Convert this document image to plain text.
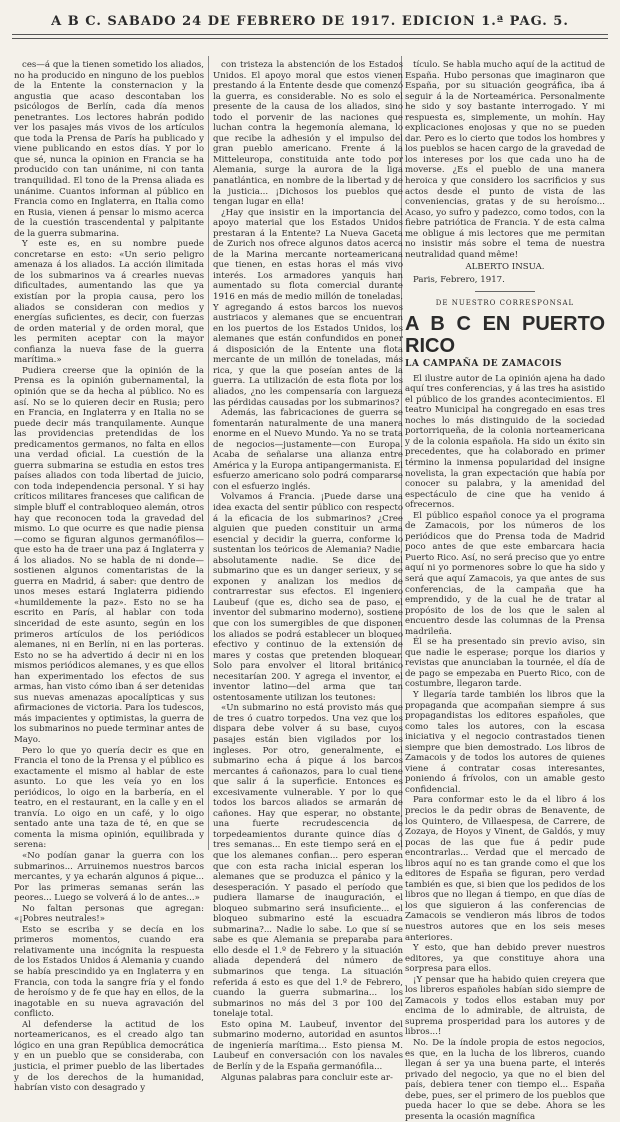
A B C. SABADO 24 DE FEBRERO DE 1917. EDICION 1.ª PAG. 5.

ces—á que la tienen sometido los aliados, no ha producido en ninguno de los pueblos de la Entente la consternacion y la angustia que acaso descontaban los psicólogos de Berlín, cada día menos penetrantes. Los lectores habrán podido ver los pasajes más vivos de los artículos que toda la Prensa de París ha publicado y viene publicando en estos días. Y por lo que sé, nunca la opinion en Francia se ha producido con tan unánime, ni con tanta tranquilidad. El tono de la Prensa aliada es unánime. Cuantos informan al público en Francia como en Inglaterra, en Italia como en Rusia, vienen á pensar lo mismo acerca de la cuestión trascendental y palpitante de la guerra submarina.

Y este es, en su nombre puede concretarse en esto: «Un serio peligro amenaza á los aliados. La acción ilimitada de los submarinos va á crearles nuevas dificultades, aumentando las que ya existían por la propia causa, pero los aliados se consideran con medios y energías suficientes, es decir, con fuerzas de orden material y de orden moral, que les permiten aceptar con la mayor confianza la nueva fase de la guerra marítima.»

Pudiera creerse que la opinión de la Prensa es la opinión gubernamental, la opinión que se da hecha al público. No es así. No se lo quieren decir en Rusia; pero en Francia, en Inglaterra y en Italia no se puede decir más tranquilamente. Aunque las providencias pretendidas de los predicamentos germanos, no falta en ellos una verdad oficial. La cuestión de la guerra submarina se estudia en estos tres países aliados con toda libertad de juicio, con toda independencia personal. Y si hay críticos militares franceses que califican de simple bluff el contrabloqueo alemán, otros hay que reconocen toda la gravedad del mismo. Lo que ocurre es que nadie piensa—como se figuran algunos germanófilos—que esto ha de traer una paz á Inglaterra y á los aliados. No se habla de ni donde—sostienen algunos comentaristas de la guerra en Madrid, á saber: que dentro de unos meses estará Inglaterra pidiendo «humildemente la paz». Esto no se ha escrito en París, al hablar con toda sinceridad de este asunto, según en los primeros artículos de los periódicos alemanes, ni en Berlín, ni en las porteras. Esto no se ha advertido á decir ni en los mismos periódicos alemanes, y es que ellos han experimentado los efectos de sus armas, han visto cómo iban á ser detenidas sus nuevas amenazas apocalípticas y sus afirmaciones de victoria. Para los tudescos, más impacientes y optimistas, la guerra de los submarinos no puede terminar antes de Mayo.

Pero lo que yo quería decir es que en Francia el tono de la Prensa y el público es exactamente el mismo al hablar de este asunto. Lo que les veía yo en los periódicos, lo oigo en la barbería, en el teatro, en el restaurant, en la calle y en el tranvía. Lo oigo en un café, y lo oigo sentado ante una taza de té, en que se comenta la misma opinión, equilibrada y serena:

«No podían ganar la guerra con los submarinos... Arruinemos nuestros barcos mercantes, y ya echarán algunos á pique... Por las primeras semanas serán las peores... Luego se volverá á lo de antes...»

No faltan personas que agregan: «¡Pobres neutrales!»

Esto se escriba y se decía en los primeros momentos, cuando era relativamente una incógnita la respuesta de los Estados Unidos á Alemania y cuando se había prescindido ya en Inglaterra y en Francia, con toda la sangre fría y el fondo de heroísmo y de fe que hay en ellos, de la inagotable en su nueva agravación del conflicto.

Al defenderse la actitud de los norteamericanos, es el creado algo tan lógico en una gran República democrática y en un pueblo que se consideraba, con justicia, el primer pueblo de las libertades y de los derechos de la humanidad, habrían visto con desagrado y

con tristeza la abstención de los Estados Unidos. El apoyo moral que estos vienen prestando á la Entente desde que comenzó la guerra, es considerable. No es solo el presente de la causa de los aliados, sino todo el porvenir de las naciones que luchan contra la hegemonía alemana, lo que recibe la adhesión y el impulso del gran pueblo americano. Frente á la Mitteleuropa, constituida ante todo por Alemania, surge la aurora de la liga panatlántica, en nombre de la libertad y de la justicia... ¡Dichosos los pueblos que tengan lugar en ella!

¿Hay que insistir en la importancia del apoyo material que los Estados Unidos prestaran á la Entente? La Nueva Gaceta de Zurich nos ofrece algunos datos acerca de la Marina mercante norteamericana que tienen, en estas horas el más vivo interés. Los armadores yanquis han aumentado su flota comercial durante 1916 en más de medio millón de toneladas. Y agregando á estos barcos los nuevos austriacos y alemanes que se encuentran en los puertos de los Estados Unidos, los alemanes que están confundidos en poner á disposición de la Entente una flota mercante de un millón de toneladas, más rica, y que la que poseían antes de la guerra. La utilización de esta flota por los aliados, ¿no les compensaría con largueza las pérdidas causadas por los submarinos?

Además, las fabricaciones de guerra se fomentarán naturalmente de una manera enorme en el Nuevo Mundo. Ya no se trata de negocios—justamente—con Europa. Acaba de señalarse una alianza entre América y la Europa antipangermanista. El esfuerzo americano solo podrá compararse con el esfuerzo inglés.

Volvamos á Francia. ¡Puede darse una idea exacta del sentir público con respecto á la eficacia de los submarinos? ¿Cree alguien que pueden constituir un arma esencial y decidir la guerra, conforme lo sustentan los teóricos de Alemania? Nadie, absolutamente nadie. Se dice del submarino que es un danger serieux, y se exponen y analizan los medios de contrarrestar sus efectos. El ingeniero Laubeuf (que es, dicho sea de paso, el inventor del submarino moderno), sostiene que con los sumergibles de que disponen los aliados se podrá establecer un bloqueo efectivo y continuo de la extensión de mares y costas que pretenden bloquear. Solo para envolver el litoral británico necesitarían 200. Y agrega el inventor, el inventor latino—del arma que tan ostentosamente utilizan los teutones:

«Un submarino no está provisto más que de tres ó cuatro torpedos. Una vez que los dispara debe volver á su base, cuyos pasajes están bien vigilados por los ingleses. Por otro, generalmente, el submarino echa á pique á los barcos mercantes á cañonazos, para lo cual tiene que salir á la superficie. Entonces es excesivamente vulnerable. Y por lo que todos los barcos aliados se armarán de cañones. Hay que esperar, no obstante, una fuerte recrudescencia de torpedeamientos durante quince días ó tres semanas... En este tiempo será en el que los alemanes confian... pero esperan que con esta racha inicial esperan los alemanes que se produzca el pánico y la desesperación. Y pasado el período que pudiera llamarse de inauguración, el bloqueo submarino será insuficiente... el bloqueo submarino esté la escuadra submarina?... Nadie lo sabe. Lo que sí se sabe es que Alemania se preparaba para ello desde el 1.º de Febrero y la situación aliada dependerá del número de submarinos que tenga. La situación referida á esto es que del 1.º de Febrero, cuando la guerra submarina... los submarinos no más del 3 por 100 del tonelaje total.

Esto opina M. Laubeuf, inventor del submarino moderno, autoridad en asuntos de ingeniería marítima... Esto piensa M. Laubeuf en conversación con los navales de Berlín y de la España germanófila...

Algunas palabras para concluir este ar-

tículo. Se habla mucho aquí de la actitud de España. Hubo personas que imaginaron que España, por su situación geográfica, iba á seguir á la de Norteamérica. Personalmente he sido y soy bastante interrogado. Y mi respuesta es, simplemente, un mohín. Hay explicaciones enojosas y que no se pueden dar. Pero es lo cierto que todos los hombres y los pueblos se hacen cargo de la gravedad de los intereses por los que cada uno ha de moverse. ¿Es el pueblo de una manera heroica y que considero los sacrificios y sus actos desde el punto de vista de las conveniencias, gratas y de su heroísmo... Acaso, yo sufro y padezco, como todos, con la fiebre patriótica de Francia. Y de esta calma me obligue á mis lectores que me permitan no insistir más sobre el tema de nuestra neutralidad quand même!

ALBERTO INSUA.

Paris, Febrero, 1917.

DE NUESTRO CORRESPONSAL
A B C EN PUERTO RICO
LA CAMPAÑA DE ZAMACOIS

El ilustre autor de La opinión ajena ha dado aquí tres conferencias, y á las tres ha asistido el público de los grandes acontecimientos. El teatro Municipal ha congregado en esas tres noches lo más distinguido de la sociedad portorriqueña, de la colonia norteamericana y de la colonia española. Ha sido un éxito sin precedentes, que ha colaborado en primer término la inmensa popularidad del insigne novelista, la gran expectación que había por conocer su palabra, y la amenidad del espectáculo de cine que ha venido á ofrecernos.

El público español conoce ya el programa de Zamacois, por los números de los periódicos que do Prensa toda de Madrid poco antes de que este embarcara hacia Puerto Rico. Así, no será preciso que yo entre aquí ni yo pormenores sobre lo que ha sido y será que aquí Zamacois, ya que antes de sus conferencias, de la campaña que ha emprendido, y de la cual he de tratar al propósito de los de los que le salen al encuentro desde las columnas de la Prensa madrileña.

Él se ha presentado sin previo aviso, sin que nadie le esperase; porque los diarios y revistas que anunciaban la tournée, el día de de pago se empezaba en Puerto Rico, con de costumbre, llegaron tarde.

Y llegaría tarde también los libros que la propaganda que acompañan siempre á sus propagandistas los editores españoles, que como tales los autores, con la escasa iniciativa y el negocio contrastados tienen siempre que bien demostrado. Los libros de Zamacois y de todos los autores de quienes viene á contratar cosas interesantes, poniendo á frívolos, con un amable gesto confidencial.

Para conformar esto le da el libro á los precios le da pedir obras de Benavente, de los Quintero, de Villaespesa, de Carrere, de Zozaya, de Hoyos y Vinent, de Galdós, y muy pocas de las que fue á pedir pude encontrarlas... Verdad que el mercado de libros aquí no es tan grande como el que los editores de España se figuran, pero verdad también es que, si bien que los pedidos de los libros que no llegan á tiempo, en que días de los que siguieron á las conferencias de Zamacois se vendieron más libros de todos nuestros autores que en los seis meses anteriores.

Y esto, que han debido prever nuestros editores, ya que constituye ahora una sorpresa para ellos.

¡Y pensar que ha habido quien creyera que los libreros españoles habían sido siempre de Zamacois y todos ellos estaban muy por encima de lo admirable, de altruista, de suprema prosperidad para los autores y de libros...!

No. De la índole propia de estos negocios, es que, en la lucha de los libreros, cuando llegan á ser ya una buena parte, el interés privado del negocio, ya que no el bien del país, debiera tener con tiempo el... España debe, pues, ser el primero de los pueblos que pueda hacer lo que se debe. Ahora se les presenta la ocasión magnífica
